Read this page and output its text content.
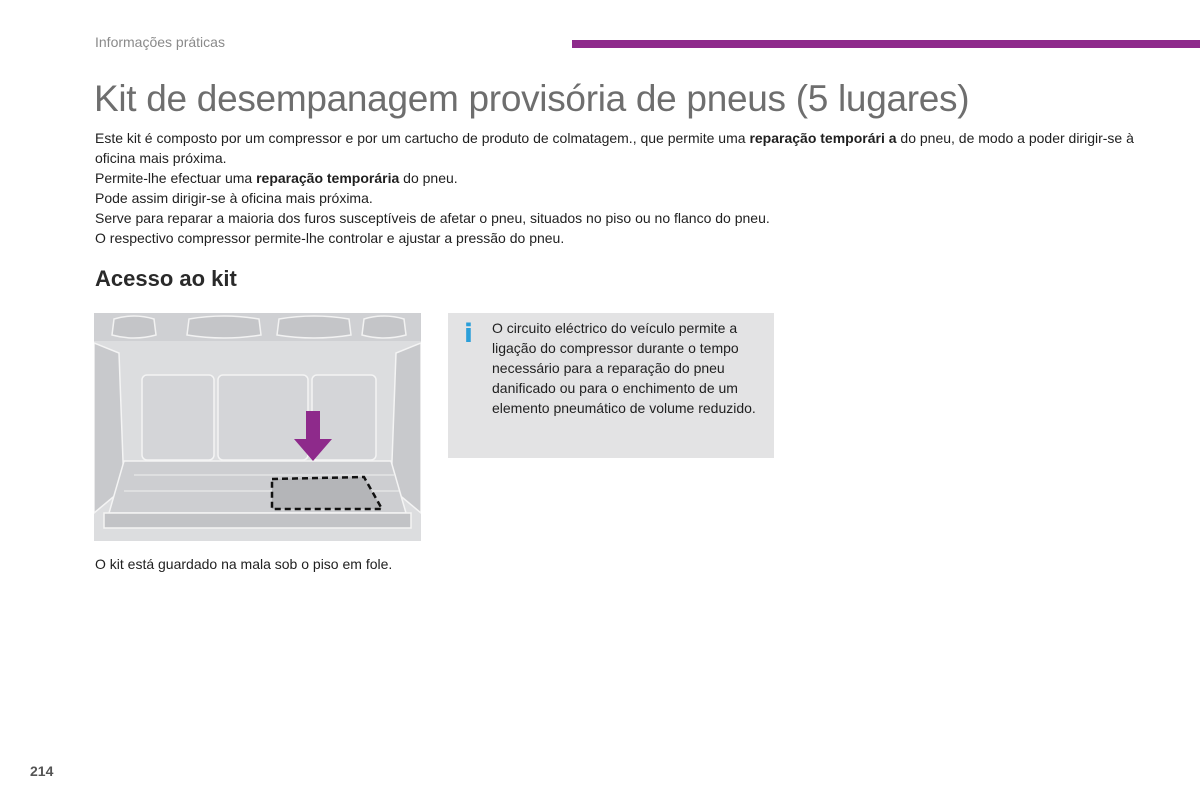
Informações práticas
Kit de desempanagem provisória de pneus (5 lugares)

Este kit é composto por um compressor e por um cartucho de produto de colmatagem., que permite uma reparação temporári a do pneu, de modo a poder dirigir-se à oficina mais próxima.

Permite-lhe efectuar uma reparação temporária do pneu.

Pode assim dirigir-se à oficina mais próxima.

Serve para reparar a maioria dos furos susceptíveis de afetar o pneu, situados no piso ou no flanco do pneu.

O respectivo compressor permite-lhe controlar e ajustar a pressão do pneu.

Acesso ao kit
O kit está guardado na mala sob o piso em fole.
i O circuito eléctrico do veículo permite a ligação do compressor durante o tempo necessário para a reparação do pneu danificado ou para o enchimento de um elemento pneumático de volume reduzido.
214
